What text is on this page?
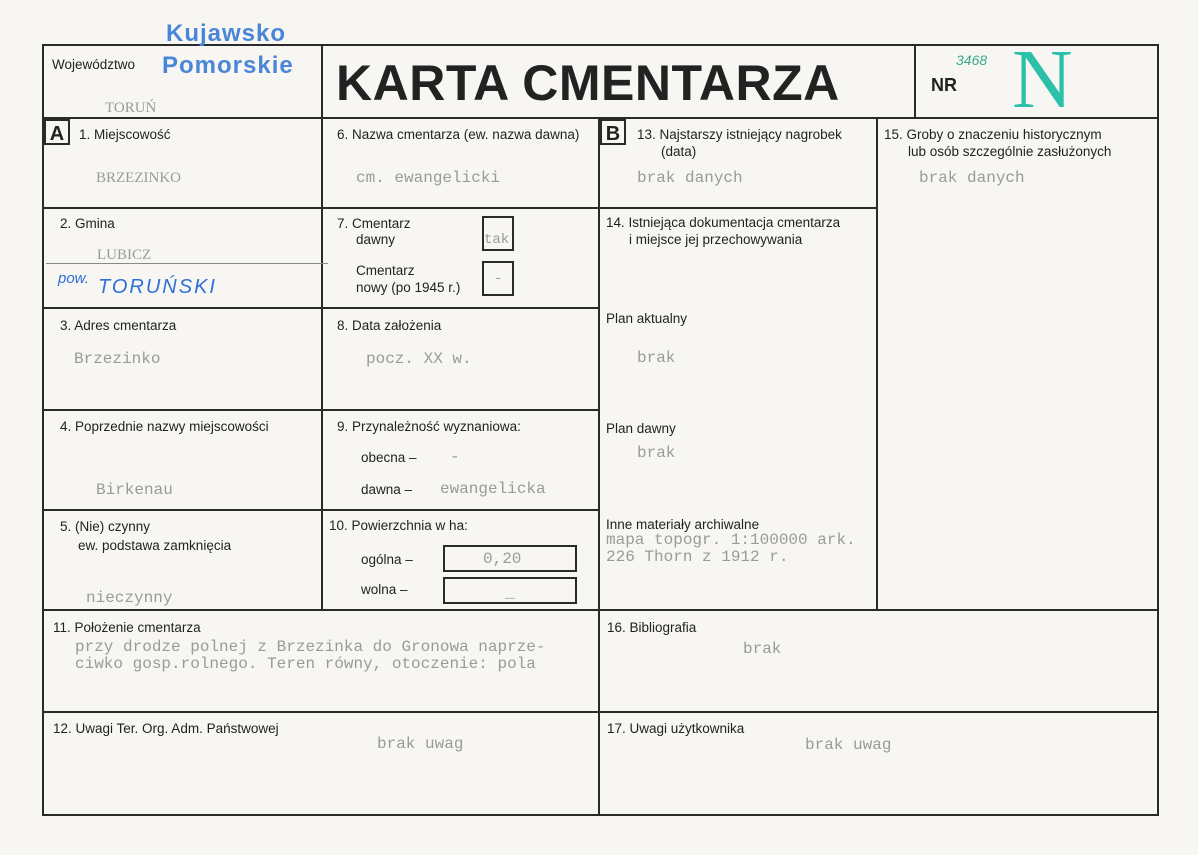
Województwo
Kujawsko
Pomorskie
TORUŃ	KARTA CMENTARZA	NR
3468 N
A	B
1. Miejscowość
BRZEZINKO
2. Gmina
LUBICZ
pow. TORUŃSKI
3. Adres cmentarza
Brzezinko
4. Poprzednie nazwy miejscowości
Birkenau
5. (Nie) czynny
ew. podstawa zamknięcia
nieczynny
6. Nazwa cmentarza (ew. nazwa dawna)
cm. ewangelicki
7. Cmentarz
dawny	tak
Cmentarz
nowy (po 1945 r.)
-
8. Data założenia
pocz. XX w.
9. Przynależność wyznaniowa:
obecna – -
dawna – ewangelicka
10. Powierzchnia w ha:
ogólna –	0,20
wolna –	_
13. Najstarszy istniejący nagrobek
(data)
brak danych
14. Istniejąca dokumentacja cmentarza
i miejsce jej przechowywania
Plan aktualny
brak
Plan dawny
brak
Inne materiały archiwalne
mapa topogr. 1:100000 ark.
226 Thorn z 1912 r.
15. Groby o znaczeniu historycznym
lub osób szczególnie zasłużonych
brak danych
11. Położenie cmentarza
przy drodze polnej z Brzezinka do Gronowa naprze-
ciwko gosp.rolnego. Teren równy, otoczenie: pola
16. Bibliografia
brak
12. Uwagi Ter. Org. Adm. Państwowej
brak uwag
17. Uwagi użytkownika
brak uwag
